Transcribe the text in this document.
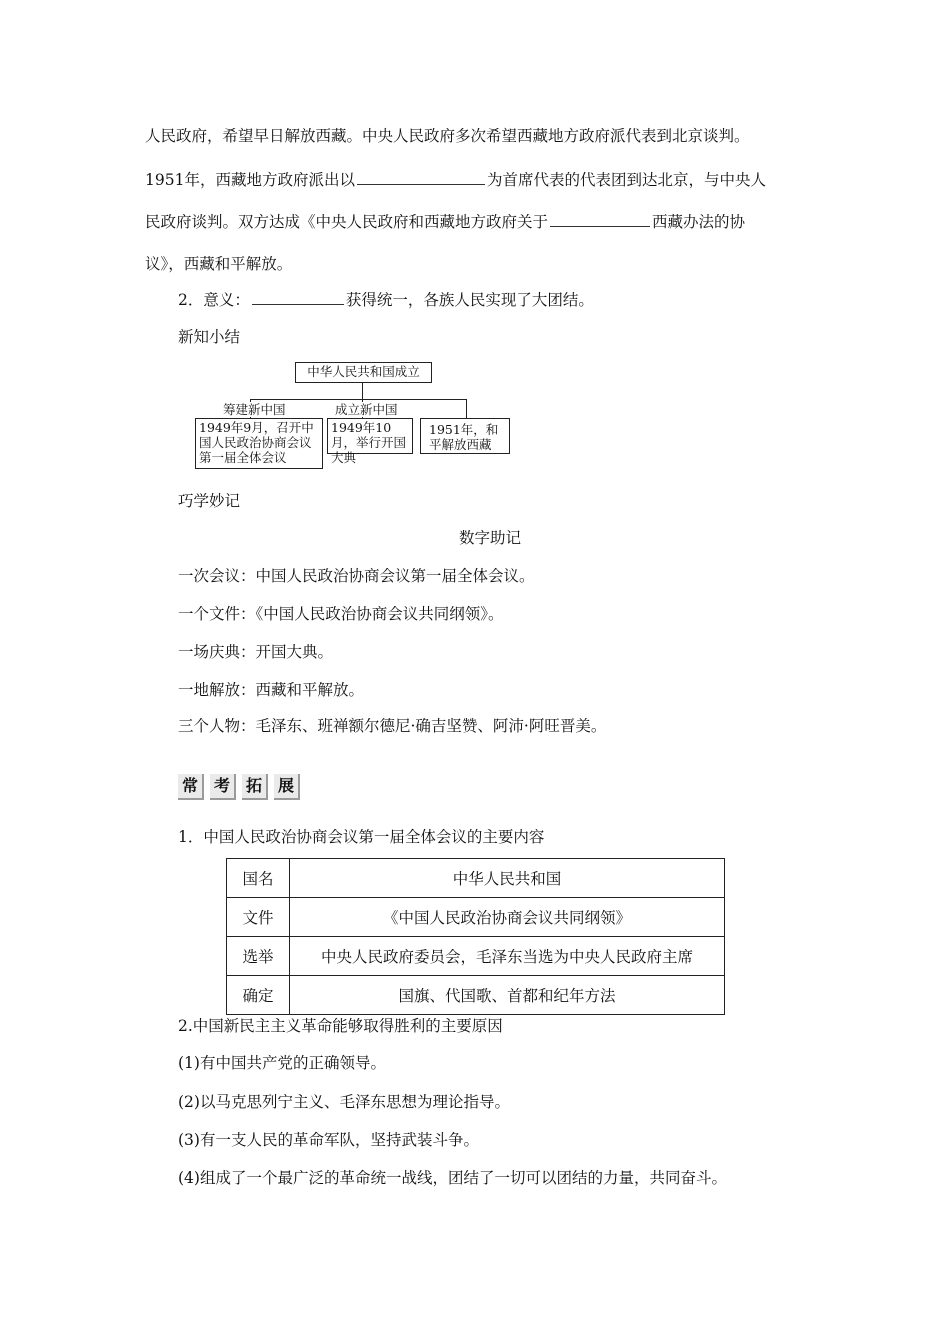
人民政府，希望早日解放西藏。中央人民政府多次希望西藏地方政府派代表到北京谈判。
1951年，西藏地方政府派出以	为首席代表的代表团到达北京，与中央人
民政府谈判。双方达成《中央人民政府和西藏地方政府关于	西藏办法的协
议》，西藏和平解放。
2．意义：	获得统一，各族人民实现了大团结。
新知小结
中华人民共和国成立
筹建新中国	成立新中国
1949年9月，召开中国人民政治协商会议第一届全体会议
1949年10月，举行开国大典
1951年，和平解放西藏
巧学妙记
数字助记
一次会议：中国人民政治协商会议第一届全体会议。
一个文件：《中国人民政治协商会议共同纲领》。
一场庆典：开国大典。
一地解放：西藏和平解放。
三个人物：毛泽东、班禅额尔德尼·确吉坚赞、阿沛·阿旺晋美。
常 考 拓 展
1．中国人民政治协商会议第一届全体会议的主要内容
国名	中华人民共和国
文件	《中国人民政治协商会议共同纲领》
选举	中央人民政府委员会，毛泽东当选为中央人民政府主席
确定	国旗、代国歌、首都和纪年方法
2.中国新民主主义革命能够取得胜利的主要原因
(1)有中国共产党的正确领导。
(2)以马克思列宁主义、毛泽东思想为理论指导。
(3)有一支人民的革命军队，坚持武装斗争。
(4)组成了一个最广泛的革命统一战线，团结了一切可以团结的力量，共同奋斗。
